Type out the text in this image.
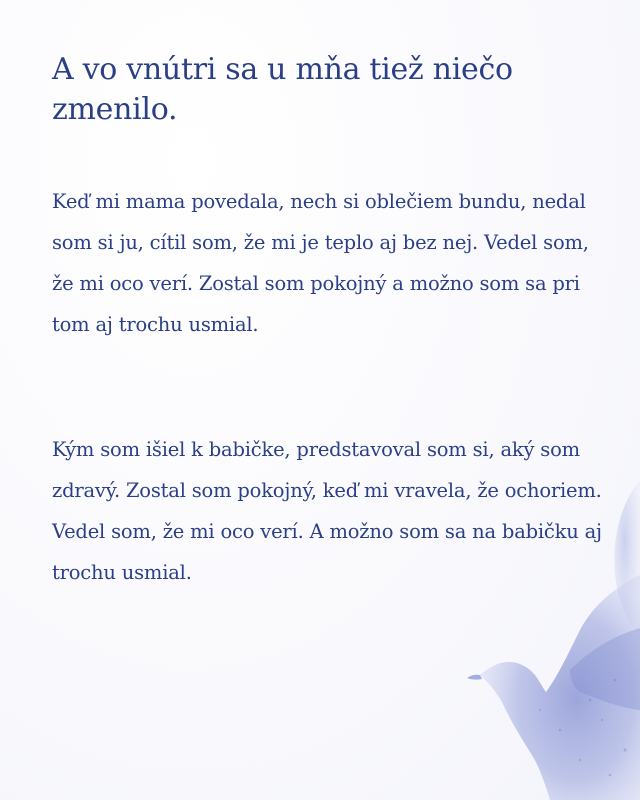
A vo vnútri sa u mňa tiež niečo zmenilo.

Keď mi mama povedala, nech si oblečiem bundu, nedal som si ju, cítil som, že mi je teplo aj bez nej. Vedel som, že mi oco verí. Zostal som pokojný a možno som sa pri tom aj trochu usmial.

Kým som išiel k babičke, predstavoval som si, aký som zdravý. Zostal som pokojný, keď mi vravela, že ochoriem. Vedel som, že mi oco verí. A možno som sa na babičku aj trochu usmial.
